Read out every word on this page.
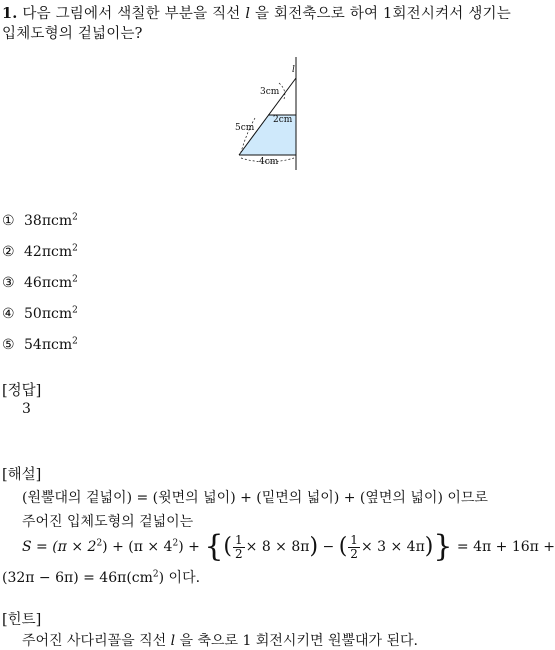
1. 다음 그림에서 색칠한 부분을 직선 l 을 회전축으로 하여 1회전시켜서 생기는
입체도형의 겉넓이는?
l
3cm
2cm
5cm
4cm
① 38πcm$^2$
② 42πcm$^2$
③ 46πcm$^2$
④ 50πcm$^2$
⑤ 54πcm$^2$
[정답]
3
[해설]
(원뿔대의 겉넓이) = (윗면의 넓이) + (밑면의 넓이) + (옆면의 넓이) 이므로
주어진 입체도형의 겉넓이는
$S = (\pi \times 2^2) + (\pi \times 4^2)$ + {( $\frac{1}{2} \times 8 \times 8\pi$) − ( $\frac{1}{2} \times 3 \times 4\pi)\} = 4\pi + 16\pi$ +
$(32\pi - 6\pi) = 46\pi(cm^2)$ 이다.
[힌트]
주어진 사다리꼴을 직선 l 을 축으로 1 회전시키면 원뿔대가 된다.
